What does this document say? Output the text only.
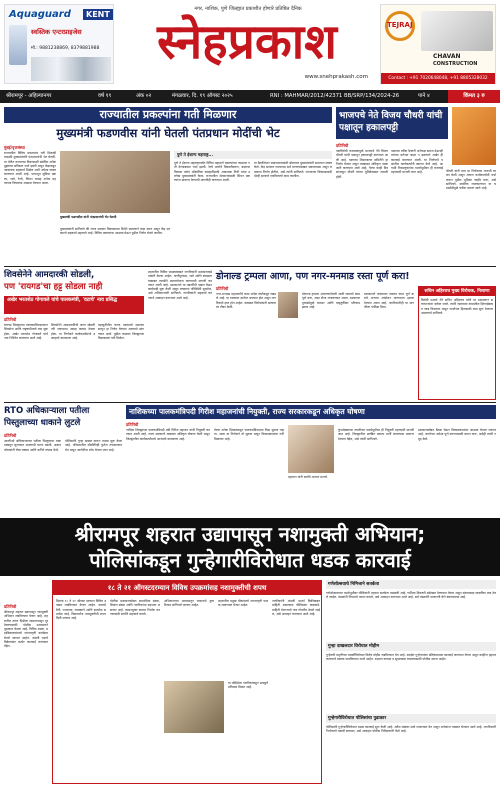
Aquaguard	KENT
स्वस्तिक एन्टरप्राइजेस
मो.: 9881238869, 8379881988
नगर, नाशिक, पुणे जिल्ह्यात प्रकाशीत होणारे प्रतिष्ठित दैनिक
स्नेहप्रकाश
www.snehprakash.com
TEJRAJ
CHAVAN
CONSTRUCTION
Contact : +91 7020648048, +91 8805328032
श्रीरामपूर - अहिल्यानगर	वर्ष १९	अंक ०२	मंगळवार, दि. १९ ऑगस्ट २०२५	RNI : MAHMAR/2012/42371 BB/SRP/134/2024-26	पाने ४	किंमत ३ रु
राज्यातील प्रकल्पांना गती मिळणार
मुख्यमंत्री फडणवीस यांनी घेतली पंतप्रधान मोदींची भेट
मुंबई/वृत्तसंस्था
राज्यातील विविध प्रकल्पांना गती मिळावी यासाठी मुख्यमंत्र्यांनी पंतप्रधानांची भेट घेतली. या भेटीत राज्याच्या विकासाशी संबंधित अनेक मुद्द्यांवर सविस्तर चर्चा झाली असून केंद्राकडून आवश्यक सहकार्य मिळेल अशी अपेक्षा व्यक्त करण्यात आली आहे. पायाभूत सुविधा प्रकल्प, रस्ते, रेल्वे, सिंचन यासह अनेक महत्वाच्या विषयांचा आढावा घेण्यात आला.
मुख्यमंत्री फडणवीस यांनी पंतप्रधानांची भेट घेतली
मुख्यमंत्र्यांनी सांगितले की राज्य सरकार विकासाच्या दिशेने सातत्याने काम करत असून केंद्र सरकारचे सहकार्य महत्वाचे आहे. विविध प्रकल्पांचा आढावा घेऊन पुढील निर्णय घेतले जातील.
पुणे ते ईशान्य महाराष्ट्र...
पुणे ते ईशान्य महाराष्ट्रापर्यंत विविध महामार्ग प्रकल्पांच्या कामाला गती देण्याबाबत चर्चा झाली. रेल्वे मार्गांचे विस्तारीकरण, बंदरांचा विकास तसेच औद्योगिक वसाहतींसाठी आवश्यक निधी यांचा उल्लेख मुख्यमंत्र्यांनी केला. राज्यातील शेतकऱ्यांसाठी सिंचन प्रकल्पांना प्राधान्य देण्याची मागणीही करण्यात आली.
या बैठकीनंतर प्रसारमाध्यमांशी बोलताना मुख्यमंत्र्यांनी समाधान व्यक्त केले. केंद्र सरकार राज्याच्या सर्व मागण्यांबाबत सकारात्मक असून लवकरच निर्णय होतील, असे त्यांनी सांगितले. राज्याच्या विकासासाठी दोन्ही सरकारे एकत्रितपणे काम करतील.
भाजपचे नेते विजय चौधरी यांची पक्षातून हकालपट्टी
प्रतिनिधी
पक्षविरोधी कारवायांमुळे भाजपचे नेते विजय चौधरी यांची पक्षातून हकालपट्टी करण्यात आली आहे. पक्षाच्या शिस्तपालन समितीने हा निर्णय घेतला असून त्याबाबत अधिकृत पत्रक जारी करण्यात आले आहे. गेल्या काही दिवसांपासून चौधरी यांच्या भूमिकेबाबत नाराजी होती.
पक्षाच्या वरिष्ठ नेत्यांनी अनेकदा समज देऊनही त्यांच्या वर्तनात बदल न झाल्याने अखेर ही कारवाई करण्यात आली. या निर्णयाचे पक्षातील कार्यकर्त्यांनी स्वागत केले आहे. आगामी निवडणुकांच्या पार्श्वभूमीवर ही कारवाई महत्त्वाची मानली जात आहे.	चौधरी यांनी मात्र या निर्णयावर नाराजी व्यक्त केली असून आपण कार्यकर्त्यांशी चर्चा करून पुढील भूमिका जाहीर करू, असे सांगितले. स्थानिक राजकारणात या घडामोडीमुळे चर्चेला उधाण आले आहे.
शिवसेनेने आमदारकी सोडली,
पण 'रायगड'चा हट्ट सोडला नाही
अखेर भरतशेठ गोगावले यांचे पालकमंत्री, 'वटाचे' नाव प्रसिद्ध
प्रतिनिधी
रायगड जिल्ह्याच्या पालकमंत्रिपदावरून शिवसेना आणि राष्ट्रवादीमध्ये वाद सुरू होता. अखेर भरतशेठ गोगावले यांचे नाव निश्चित करण्यात आले आहे.
शिवसेनेने आमदारकीची जागा सोडली तरी रायगडचा आग्रह कायम ठेवला होता. या निर्णयाने कार्यकर्त्यांमध्ये उत्साहाचे वातावरण आहे.
महायुतीतील घटक पक्षांमध्ये समन्वय साधून हा निर्णय घेण्यात आल्याचे सांगण्यात आले. पुढील काळात जिल्ह्याच्या विकासाला गती मिळेल.
शहरातील विविध समस्यांबाबत नागरिकांनी प्रशासनाकडे तक्रारी केल्या आहेत. पाणीपुरवठा, रस्ते आणि स्वच्छता याबाबत तातडीने उपाययोजना करण्याची मागणी करण्यात आली आहे. प्रशासनाने या तक्रारींची दखल घेऊन कार्यवाही सुरू केली असून लवकरच परिस्थिती सुधारेल, असे अधिकाऱ्यांनी सांगितले. नागरिकांनी सहकार्य करण्याचे आवाहन करण्यात आले आहे.
डोनाल्ड ट्रम्पला आणा, पण नगर-मनमाड रस्ता पूर्ण करा!
प्रतिनिधी
नगर-मनमाड महामार्गाचे काम अनेक वर्षांपासून रखडले आहे. या रस्त्यावर दररोज अपघात होत असून नागरिकांचे हाल होत आहेत. याबाबत विरोधकांनी सरकारवर टीका केली.
डोनाल्ड ट्रम्पला आणण्याऐवजी आधी रस्त्याचे काम पूर्ण करा, असा टोला लगावण्यात आला. रस्त्याच्या दुरवस्थेमुळे व्यापार आणि वाहतुकीवर परिणाम झाला आहे.
प्रशासनाने लवकरात लवकर काम पूर्ण करावे अन्यथा आंदोलन करण्याचा इशारा देण्यात आला आहे. नागरिकांनीही या मागणीला पाठिंबा दिला.
सचिन अहिरराव मुख्य विरोधक, निशाणा
विरोधी पक्षाचे नेते सचिन अहिरराव यांनी या प्रश्नावरून सत्ताधाऱ्यांना धारेवर धरले. त्यांनी रस्त्याच्या कामातील दिरंगाईबाबत जाब विचारला असून जनतेच्या हितासाठी लढा सुरू ठेवणार असल्याचे सांगितले.
RTO अधिकाऱ्याला पतीला पिस्तुलाच्या धाकाने लुटले
प्रतिनिधी
आरटीओ अधिकाऱ्याच्या पतीला पिस्तुलाचा धाक दाखवून लुटण्यात आल्याची घटना घडली. अज्ञात चोरट्यांनी रोख रक्कम आणि दागिने लंपास केले.
पोलिसांनी गुन्हा दाखल करून तपास सुरू केला आहे. परिसरातील सीसीटीव्ही फुटेज तपासण्यात येत असून आरोपींचा शोध घेतला जात आहे.
नाशिकच्या पालकमंत्रिपदी गिरीश महाजनांची नियुक्ती, राज्य सरकारकडून अधिकृत घोषणा
प्रतिनिधी
नाशिक जिल्ह्याच्या पालकमंत्रिपदी मंत्री गिरीश महाजन यांची नियुक्ती करण्यात आली आहे. राज्य सरकारने याबाबत अधिकृत घोषणा केली असून जिल्ह्यातील कार्यकर्त्यांमध्ये आनंदाचे वातावरण आहे.
गेल्या अनेक दिवसांपासून पालकमंत्रिपदाचा तिढा सुटला नव्हता. आता या निर्णयाने तो सुटला असून विकासकामांना गती मिळणार आहे.
महाजन यांनी सर्वांचे आभार मानले.
कुंभमेळ्याच्या तयारीच्या पार्श्वभूमीवर ही नियुक्ती महत्त्वाची मानली जात आहे. जिल्ह्यातील प्रलंबित प्रकल्प मार्गी लावण्यास प्राधान्य देण्यात येईल, असे त्यांनी सांगितले.
प्रशासनासोबत बैठक घेऊन विकासकामांचा आढावा घेतला जाणार आहे. जनतेच्या अपेक्षा पूर्ण करण्यासाठी प्रयत्न करू, असेही त्यांनी नमूद केले.
श्रीरामपूर शहरात उद्यापासून नशामुक्ती अभियान;
पोलिसांकडून गुन्हेगारीविरोधात धडक कारवाई
प्रतिनिधी
श्रीरामपूर शहरात उद्यापासून नशामुक्ती अभियान राबविण्यात येणार आहे. शहरातील तरुण पिढीला व्यसनापासून दूर ठेवण्यासाठी पोलीस प्रशासनाने पुढाकार घेतला आहे. विविध शाळा, महाविद्यालयांमध्ये जनजागृती कार्यक्रम घेतले जाणार आहेत. अंमली पदार्थ विक्रेत्यांवर कठोर कारवाई करण्यात येईल.
१८ ते २१ ऑगस्टदरम्यान विविध उपक्रमांसह नशामुक्तीची शपथ
दिनांक १८ ते २१ ऑगस्ट दरम्यान विविध उपक्रम राबविण्यात येणार आहेत. यामध्ये रॅली, पथनाट्य, व्याख्याने आणि स्पर्धांचा समावेश आहे. विद्यार्थ्यांना नशामुक्तीची शपथ दिली जाणार आहे.
पोलीस प्रशासनासोबत सामाजिक संस्था, शिक्षण संस्था आणि नागरिकांचा सहभाग असणार आहे. व्यसनमुक्त समाज निर्माण करण्यासाठी सर्वांनी सहकार्य करावे.
अभियानाच्या माध्यमातून व्यसनाचे दुष्परिणाम सांगितले जाणार आहेत.
शहरातील प्रमुख चौकांमध्ये जनजागृती फलक लावण्यात येणार आहेत.
नागरिकांनी अंमली पदार्थ विक्रीबाबत माहिती असल्यास पोलिसांना कळवावे. माहिती देणाऱ्याचे नाव गोपनीय ठेवले जाईल, असे आवाहन करण्यात आले आहे.
या मोहिमेला नागरिकांकडून उत्स्फूर्त प्रतिसाद मिळत आहे.
गणेशोत्सवाचे निमित्ताने सतर्कता
गणेशोत्सवाच्या पार्श्वभूमीवर पोलिसांनी शहरात सतर्कता वाढवली आहे. गर्दीच्या ठिकाणी बंदोबस्त ठेवण्यात येणार असून संशयास्पद व्यक्तींवर लक्ष ठेवले जाईल. मंडळांनी नियमांचे पालन करावे, असे आवाहन करण्यात आले आहे. सर्व मंडळांनी परवानगी घेणे बंधनकारक आहे.
गुन्हा दाखलदार विरोधात मोहीम
गुन्हेगारी प्रवृत्तीच्या व्यक्तींविरोधात विशेष मोहीम राबविण्यात येत आहे. सराईत गुन्हेगारांवर प्रतिबंधात्मक कारवाई करण्यात येणार असून काहींना हद्दपार करण्याचे प्रस्ताव पाठविण्यात आले आहेत. शहरात कायदा व सुव्यवस्था राखण्यासाठी पोलीस सज्ज आहेत.
गुन्हेगारीविरोधात पोलिसांचा पुढाकार
पोलिसांनी गुन्हेगारीविरोधात धडक कारवाई सुरू केली आहे. अवैध धंद्यांवर छापे टाकण्यात येत असून अनेकांना ताब्यात घेण्यात आले आहे. नागरिकांनी निर्भयपणे तक्रारी द्याव्यात, असे आवाहन पोलीस निरीक्षकांनी केले आहे.
